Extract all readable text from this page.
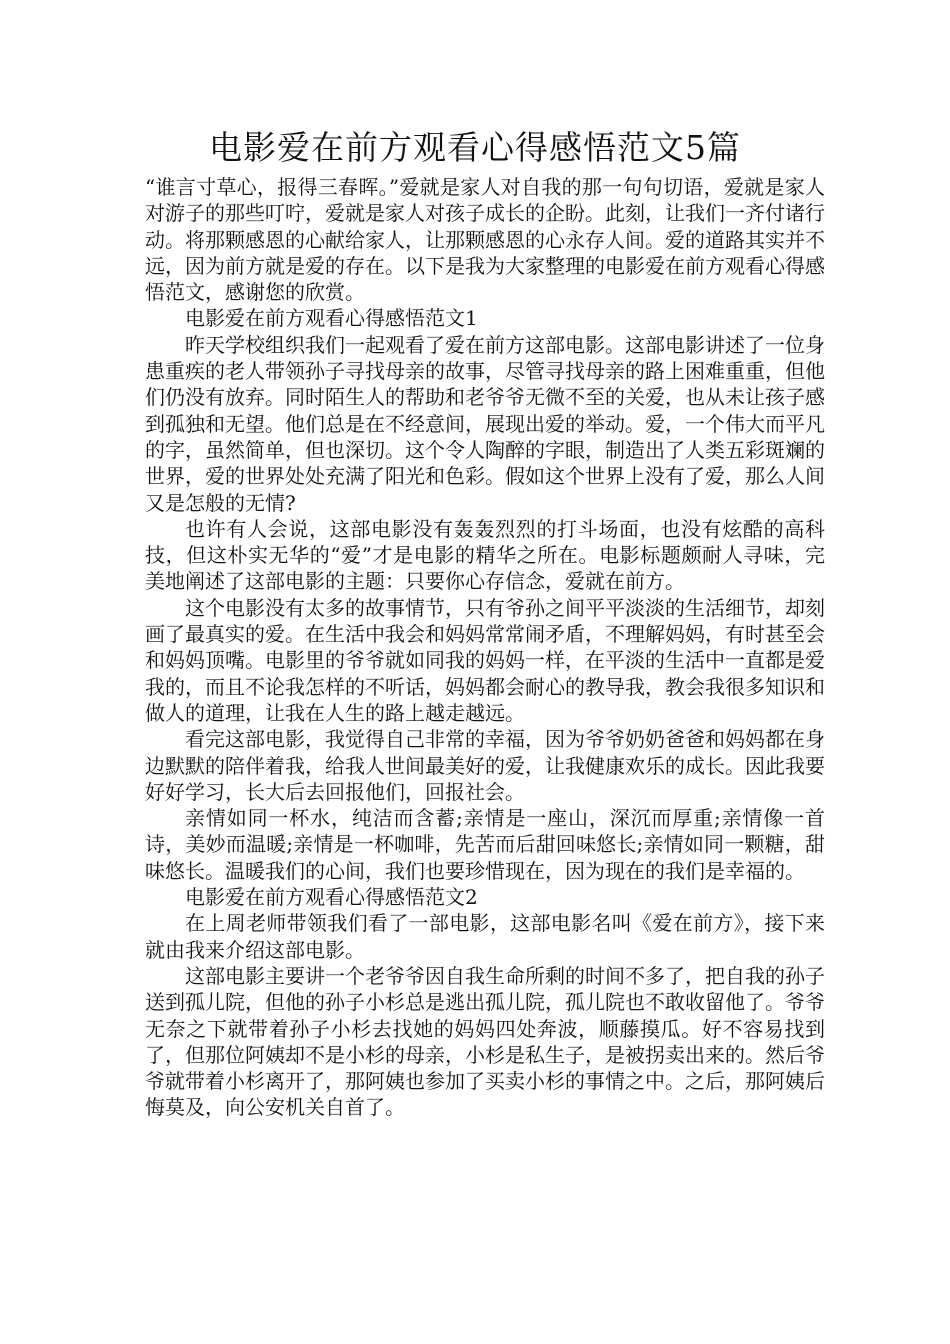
电影爱在前方观看心得感悟范文5篇

“谁言寸草心，报得三春晖。”爱就是家人对自我的那一句句切语，爱就是家人对游子的那些叮咛，爱就是家人对孩子成长的企盼。此刻，让我们一齐付诸行动。将那颗感恩的心献给家人，让那颗感恩的心永存人间。爱的道路其实并不远，因为前方就是爱的存在。以下是我为大家整理的电影爱在前方观看心得感悟范文，感谢您的欣赏。

电影爱在前方观看心得感悟范文1

昨天学校组织我们一起观看了爱在前方这部电影。这部电影讲述了一位身患重疾的老人带领孙子寻找母亲的故事，尽管寻找母亲的路上困难重重，但他们仍没有放弃。同时陌生人的帮助和老爷爷无微不至的关爱，也从未让孩子感到孤独和无望。他们总是在不经意间，展现出爱的举动。爱，一个伟大而平凡的字，虽然简单，但也深切。这个令人陶醉的字眼，制造出了人类五彩斑斓的世界，爱的世界处处充满了阳光和色彩。假如这个世界上没有了爱，那么人间又是怎般的无情?

也许有人会说，这部电影没有轰轰烈烈的打斗场面，也没有炫酷的高科技，但这朴实无华的“爱”才是电影的精华之所在。电影标题颇耐人寻味，完美地阐述了这部电影的主题：只要你心存信念，爱就在前方。

这个电影没有太多的故事情节，只有爷孙之间平平淡淡的生活细节，却刻画了最真实的爱。在生活中我会和妈妈常常闹矛盾，不理解妈妈，有时甚至会和妈妈顶嘴。电影里的爷爷就如同我的妈妈一样，在平淡的生活中一直都是爱我的，而且不论我怎样的不听话，妈妈都会耐心的教导我，教会我很多知识和做人的道理，让我在人生的路上越走越远。

看完这部电影，我觉得自己非常的幸福，因为爷爷奶奶爸爸和妈妈都在身边默默的陪伴着我，给我人世间最美好的爱，让我健康欢乐的成长。因此我要好好学习，长大后去回报他们，回报社会。

亲情如同一杯水，纯洁而含蓄;亲情是一座山，深沉而厚重;亲情像一首诗，美妙而温暖;亲情是一杯咖啡，先苦而后甜回味悠长;亲情如同一颗糖，甜味悠长。温暖我们的心间，我们也要珍惜现在，因为现在的我们是幸福的。

电影爱在前方观看心得感悟范文2

在上周老师带领我们看了一部电影，这部电影名叫《爱在前方》，接下来就由我来介绍这部电影。

这部电影主要讲一个老爷爷因自我生命所剩的时间不多了，把自我的孙子送到孤儿院，但他的孙子小杉总是逃出孤儿院，孤儿院也不敢收留他了。爷爷无奈之下就带着孙子小杉去找她的妈妈四处奔波，顺藤摸瓜。好不容易找到了，但那位阿姨却不是小杉的母亲，小杉是私生子，是被拐卖出来的。然后爷爷就带着小杉离开了，那阿姨也参加了买卖小杉的事情之中。之后，那阿姨后悔莫及，向公安机关自首了。
